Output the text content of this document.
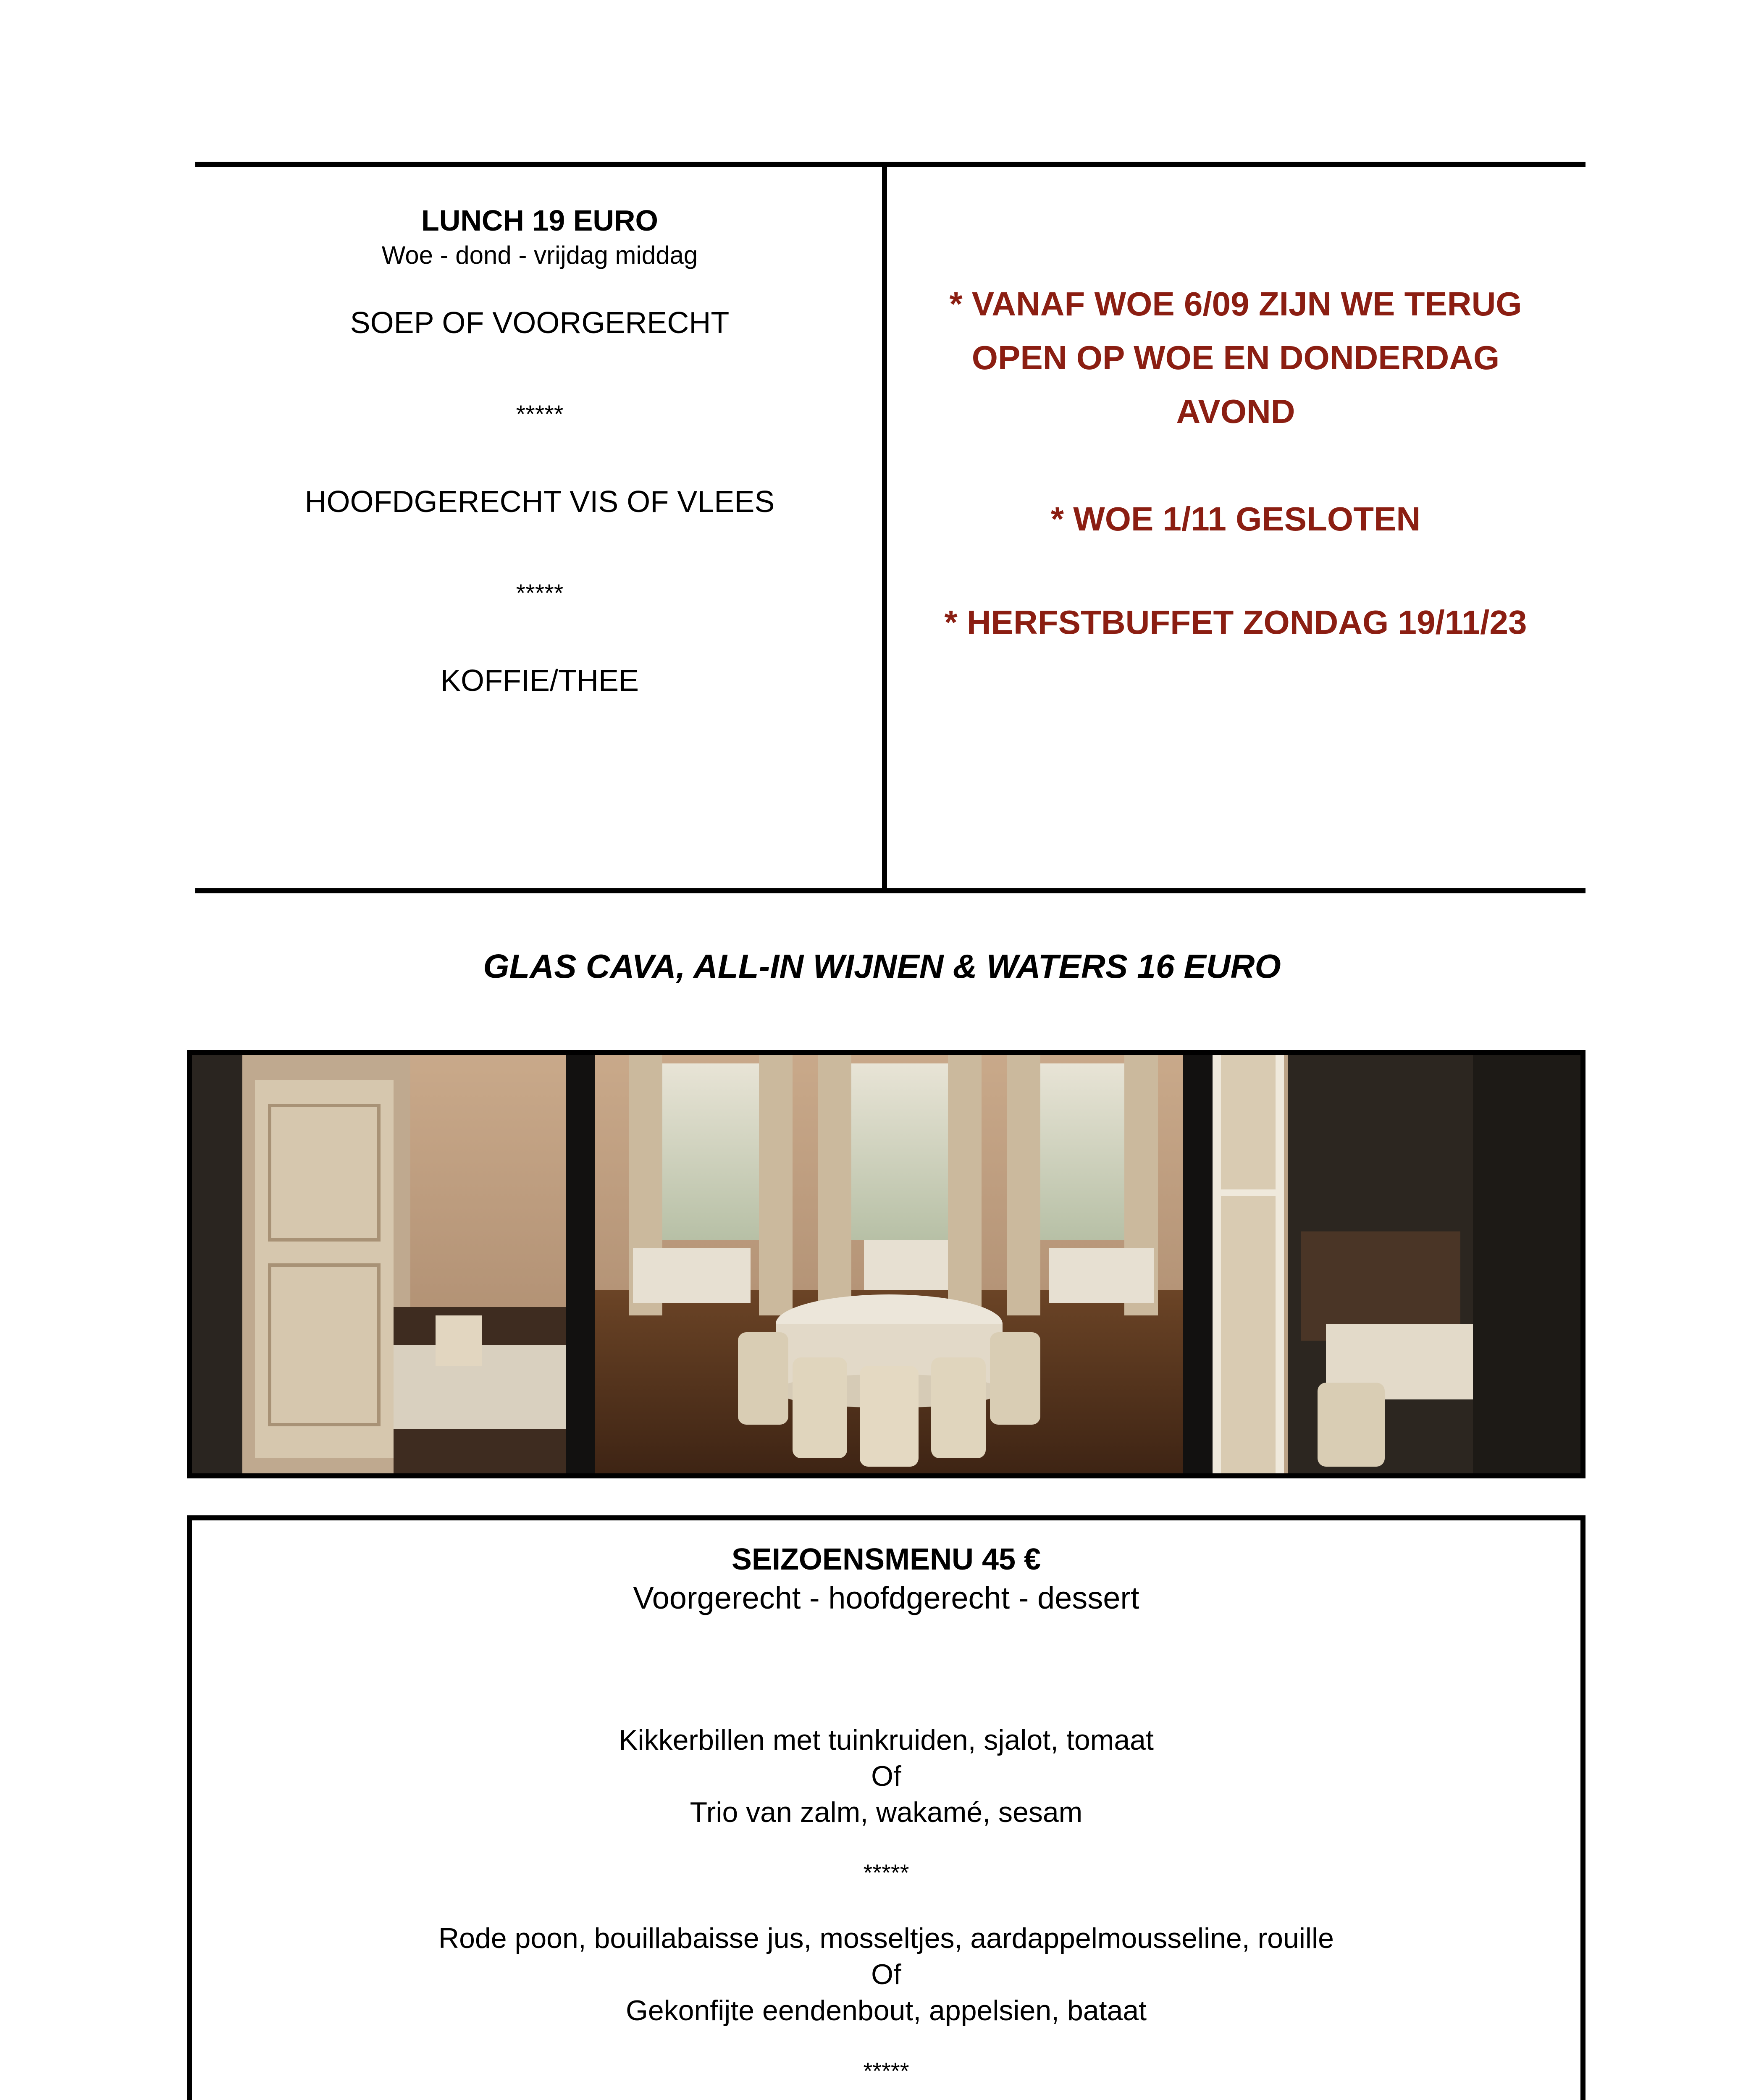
LUNCH 19 EURO
Woe - dond - vrijdag middag
SOEP OF VOORGERECHT
*****
HOOFDGERECHT VIS OF VLEES
*****
KOFFIE/THEE
* VANAF WOE 6/09 ZIJN WE TERUG
OPEN OP WOE EN DONDERDAG
AVOND
* WOE 1/11 GESLOTEN
* HERFSTBUFFET ZONDAG 19/11/23
GLAS CAVA, ALL-IN WIJNEN & WATERS 16 EURO
SEIZOENSMENU 45 €
Voorgerecht - hoofdgerecht - dessert
Kikkerbillen met tuinkruiden, sjalot, tomaat
Of
Trio van zalm, wakamé, sesam
*****
Rode poon, bouillabaisse jus, mosseltjes, aardappelmousseline, rouille
Of
Gekonfijte eendenbout, appelsien, bataat
*****
